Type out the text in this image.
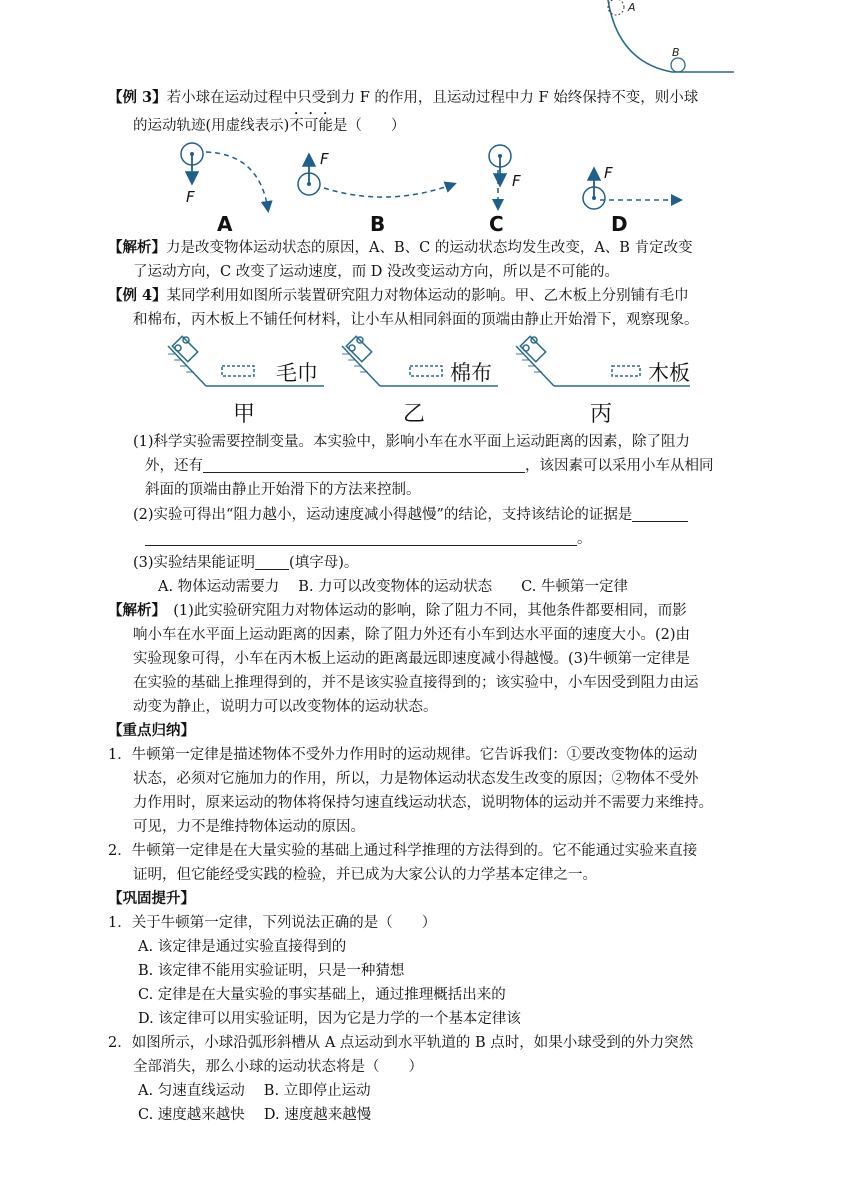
A
B
【例 3】若小球在运动过程中只受到力 F 的作用，且运动过程中力 F 始终保持不变，则小球
的运动轨迹(用虚线表示)不可能是（　　）
F
F
F	F
A	B	C	D
【解析】力是改变物体运动状态的原因，A、B、C 的运动状态均发生改变，A、B 肯定改变
了运动方向，C 改变了运动速度，而 D 没改变运动方向，所以是不可能的。
【例 4】某同学利用如图所示装置研究阻力对物体运动的影响。甲、乙木板上分别铺有毛巾
和棉布，丙木板上不铺任何材料，让小车从相同斜面的顶端由静止开始滑下，观察现象。
毛巾	棉布	木板
甲	乙	丙
(1)科学实验需要控制变量。本实验中，影响小车在水平面上运动距离的因素，除了阻力
外，还有	，该因素可以采用小车从相同
斜面的顶端由静止开始滑下的方法来控制。
(2)实验可得出“阻力越小，运动速度减小得越慢”的结论，支持该结论的证据是
。
(3)实验结果能证明 (填字母)。
A. 物体运动需要力　 B. 力可以改变物体的运动状态　　C. 牛顿第一定律
【解析】　(1)此实验研究阻力对物体运动的影响，除了阻力不同，其他条件都要相同，而影
响小车在水平面上运动距离的因素，除了阻力外还有小车到达水平面的速度大小。(2)由
实验现象可得，小车在丙木板上运动的距离最远即速度减小得越慢。(3)牛顿第一定律是
在实验的基础上推理得到的，并不是该实验直接得到的；该实验中，小车因受到阻力由运
动变为静止，说明力可以改变物体的运动状态。
【重点归纳】
1．牛顿第一定律是描述物体不受外力作用时的运动规律。它告诉我们：①要改变物体的运动
状态，必须对它施加力的作用，所以，力是物体运动状态发生改变的原因；②物体不受外
力作用时，原来运动的物体将保持匀速直线运动状态，说明物体的运动并不需要力来维持。
可见，力不是维持物体运动的原因。
2．牛顿第一定律是在大量实验的基础上通过科学推理的方法得到的。它不能通过实验来直接
证明，但它能经受实践的检验，并已成为大家公认的力学基本定律之一。
【巩固提升】
1．关于牛顿第一定律，下列说法正确的是（　　）
A. 该定律是通过实验直接得到的
B. 该定律不能用实验证明，只是一种猜想
C. 定律是在大量实验的事实基础上，通过推理概括出来的
D. 该定律可以用实验证明，因为它是力学的一个基本定律该
2．如图所示，小球沿弧形斜槽从 A 点运动到水平轨道的 B 点时，如果小球受到的外力突然
全部消失，那么小球的运动状态将是（　　）
A. 匀速直线运动　 B. 立即停止运动
C. 速度越来越快　 D. 速度越来越慢
